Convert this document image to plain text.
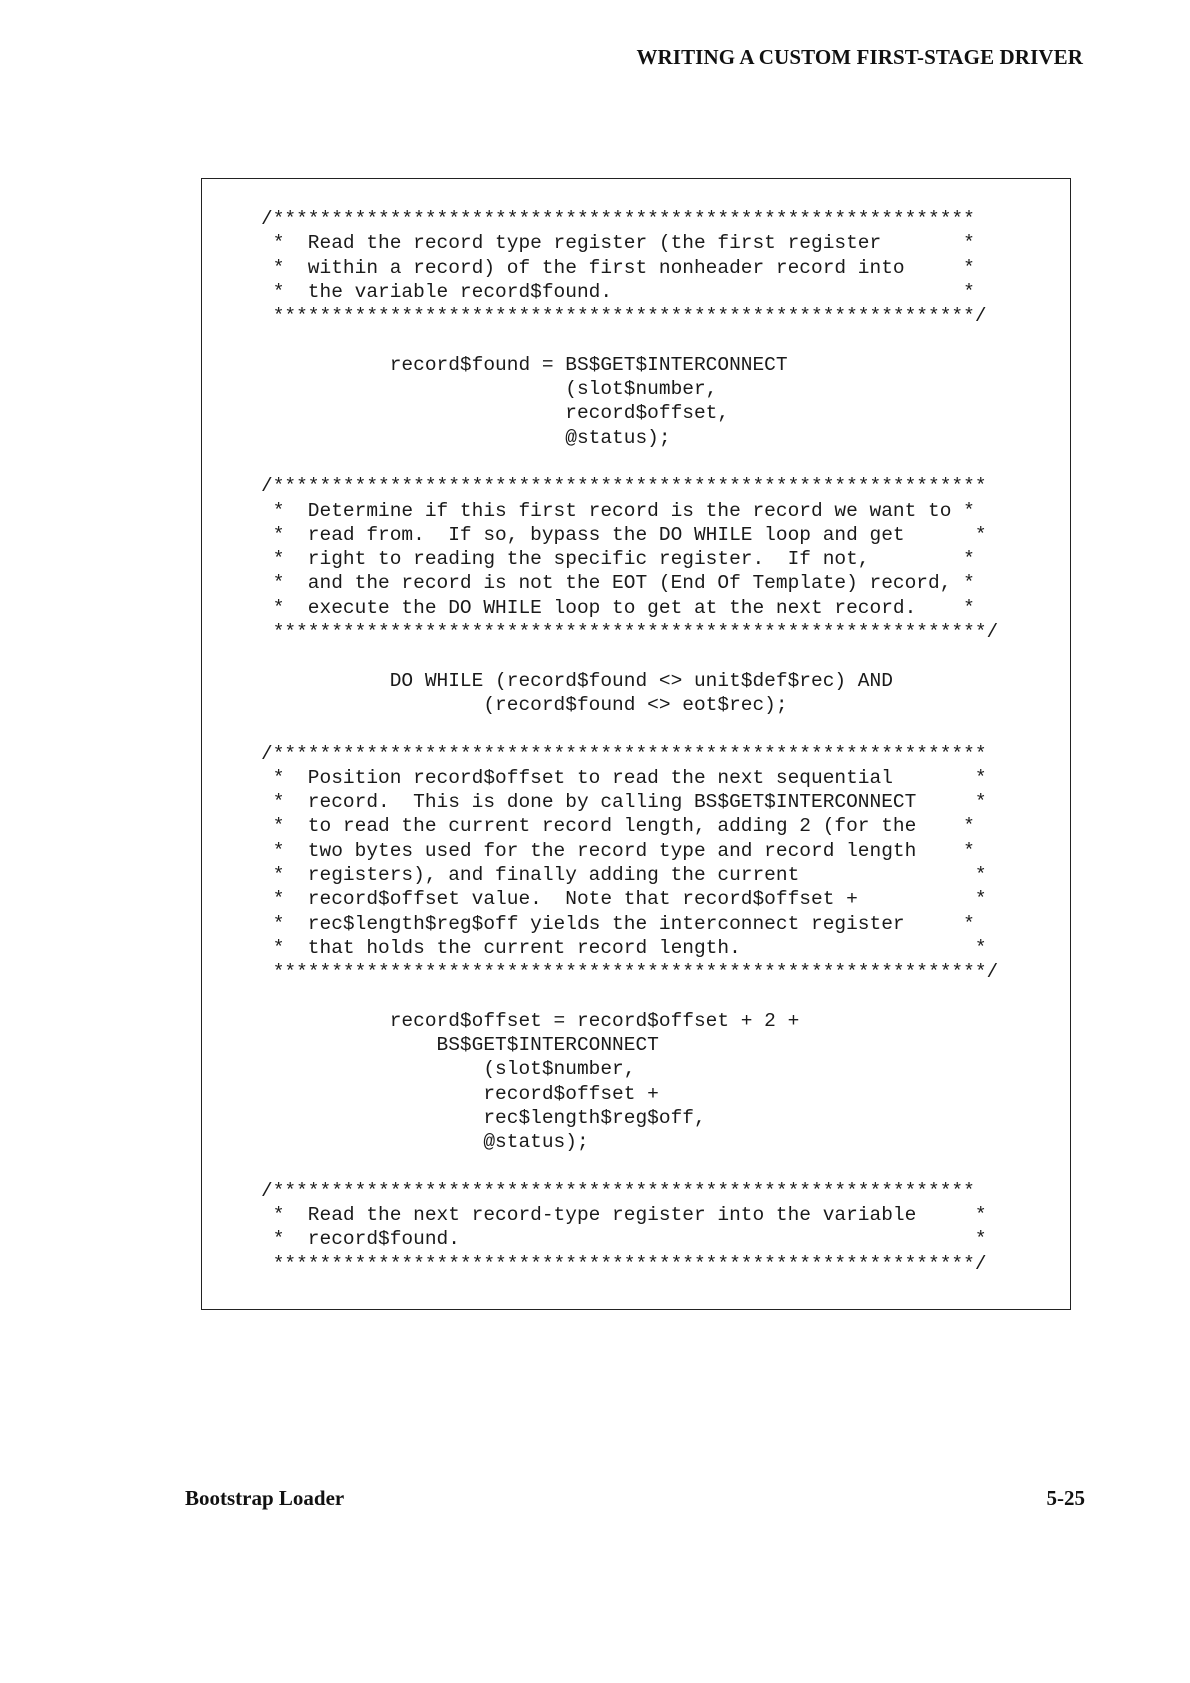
WRITING A CUSTOM FIRST-STAGE DRIVER
/************************************************************
*  Read the record type register (the first register       *
*  within a record) of the first nonheader record into     *
*  the variable record$found.                              *
************************************************************/
record$found = BS$GET$INTERCONNECT
(slot$number,
record$offset,
@status);
/*************************************************************
*  Determine if this first record is the record we want to *
*  read from.  If so, bypass the DO WHILE loop and get      *
*  right to reading the specific register.  If not,        *
*  and the record is not the EOT (End Of Template) record, *
*  execute the DO WHILE loop to get at the next record.    *
*************************************************************/
DO WHILE (record$found <> unit$def$rec) AND
(record$found <> eot$rec);
/*************************************************************
*  Position record$offset to read the next sequential       *
*  record.  This is done by calling BS$GET$INTERCONNECT     *
*  to read the current record length, adding 2 (for the    *
*  two bytes used for the record type and record length    *
*  registers), and finally adding the current               *
*  record$offset value.  Note that record$offset +          *
*  rec$length$reg$off yields the interconnect register     *
*  that holds the current record length.                    *
*************************************************************/
record$offset = record$offset + 2 +
BS$GET$INTERCONNECT
(slot$number,
record$offset +
rec$length$reg$off,
@status);
/************************************************************
*  Read the next record-type register into the variable     *
*  record$found.                                            *
************************************************************/
Bootstrap Loader	5-25
